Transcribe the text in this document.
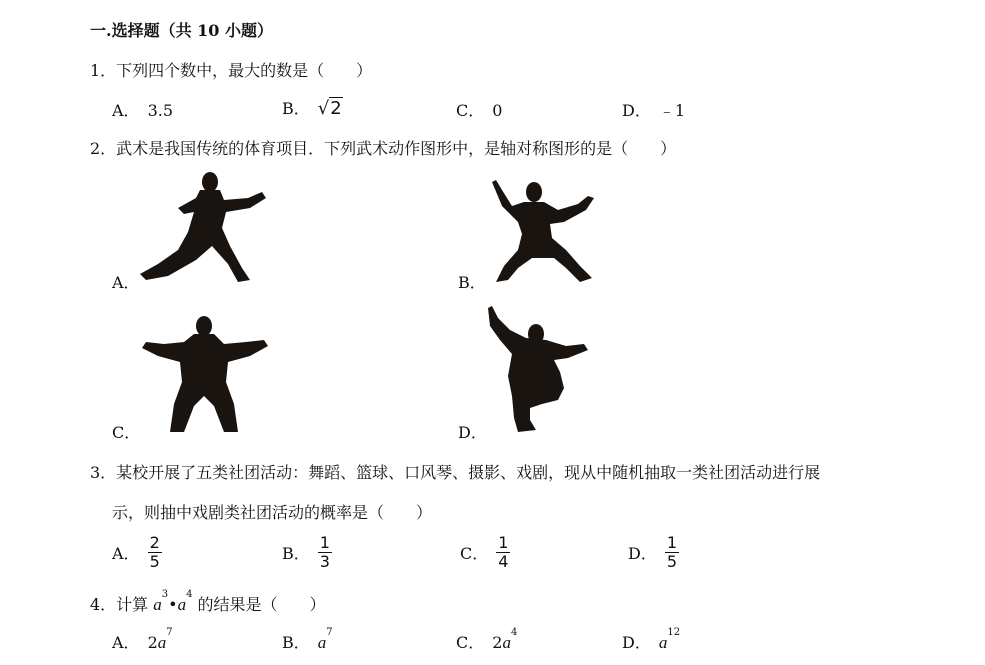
一.选择题（共 10 小题）
1．下列四个数中，最大的数是（　　）
A． 3.5	B． √2	C． 0	D． ﹣1
2．武术是我国传统的体育项目．下列武术动作图形中，是轴对称图形的是（　　）
A．	B．
C．	D．
3．某校开展了五类社团活动：舞蹈、篮球、口风琴、摄影、戏剧，现从中随机抽取一类社团活动进行展
示，则抽中戏剧类社团活动的概率是（　　）
A． $\frac{2}{5}$	B． $\frac{1}{3}$	C． $\frac{1}{4}$	D． $\frac{1}{5}$
4．计算 $a^3•a^4$ 的结果是（　　）
A． $2a^7$
B． $a^7$
C． $2a^4$
D． $a^{12}$
